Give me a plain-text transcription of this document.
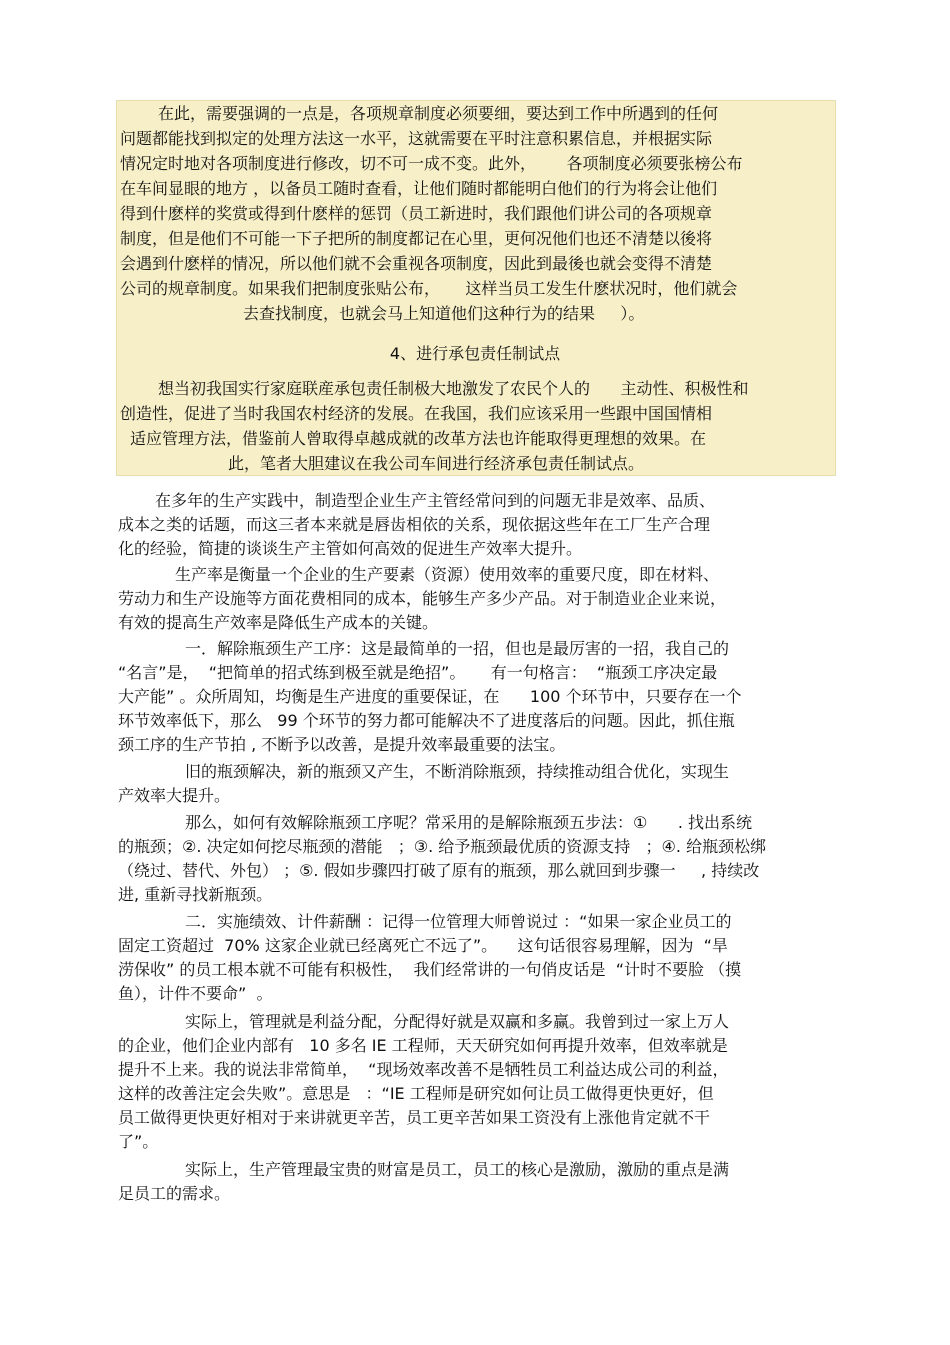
在此，需要强调的一点是，各项规章制度必须要细，要达到工作中所遇到的任何
问题都能找到拟定的处理方法这一水平，这就需要在平时注意积累信息，并根据实际
情况定时地对各项制度进行修改，切不可一成不变。此外，      各项制度必须要张榜公布
在车间显眼的地方 ，以备员工随时查看，让他们随时都能明白他们的行为将会让他们
得到什麽样的奖赏或得到什麽样的惩罚（员工新进时，我们跟他们讲公司的各项规章
制度，但是他们不可能一下子把所的制度都记在心里，更何况他们也还不清楚以後将
会遇到什麽样的情况，所以他们就不会重视各项制度，因此到最後也就会变得不清楚
公司的规章制度。如果我们把制度张贴公布，     这样当员工发生什麽状况时，他们就会
去查找制度，也就会马上知道他们这种行为的结果     ）。
4、进行承包责任制试点
想当初我国实行家庭联産承包责任制极大地激发了农民个人的      主动性、积极性和
创造性，促进了当时我国农村经济的发展。在我国，我们应该采用一些跟中国国情相
适应管理方法，借鉴前人曾取得卓越成就的改革方法也许能取得更理想的效果。在
此，笔者大胆建议在我公司车间进行经济承包责任制试点。
在多年的生产实践中，制造型企业生产主管经常问到的问题无非是效率、品质、
成本之类的话题，而这三者本来就是唇齿相依的关系，现依据这些年在工厂生产合理
化的经验，简捷的谈谈生产主管如何高效的促进生产效率大提升。
生产率是衡量一个企业的生产要素（资源）使用效率的重要尺度，即在材料、
劳动力和生产设施等方面花费相同的成本，能够生产多少产品。对于制造业企业来说，
有效的提高生产效率是降低生产成本的关键。
一．解除瓶颈生产工序：这是最简单的一招，但也是最厉害的一招，我自己的
“名言”是，  “把简单的招式练到极至就是绝招”。     有一句格言：  “瓶颈工序决定最
大产能” 。众所周知，均衡是生产进度的重要保证，在      100 个环节中，只要存在一个
环节效率低下，那么   99 个环节的努力都可能解决不了进度落后的问题。因此，抓住瓶
颈工序的生产节拍 , 不断予以改善，是提升效率最重要的法宝。
旧的瓶颈解决，新的瓶颈又产生，不断消除瓶颈，持续推动组合优化，实现生
产效率大提升。
那么，如何有效解除瓶颈工序呢？常采用的是解除瓶颈五步法：①      . 找出系统
的瓶颈；②. 决定如何挖尽瓶颈的潜能   ；③. 给予瓶颈最优质的资源支持   ；④. 给瓶颈松绑
（绕过、替代、外包） ；⑤. 假如步骤四打破了原有的瓶颈，那么就回到步骤一     , 持续改
进, 重新寻找新瓶颈。
二．实施绩效、计件薪酬 ：记得一位管理大师曾说过 ：“如果一家企业员工的
固定工资超过  70% 这家企业就已经离死亡不远了”。    这句话很容易理解，因为  “旱
涝保收” 的员工根本就不可能有积极性，  我们经常讲的一句俏皮话是  “计时不要脸 （摸
鱼），计件不要命”  。
实际上，管理就是利益分配，分配得好就是双赢和多赢。我曾到过一家上万人
的企业，他们企业内部有   10 多名 IE 工程师，天天研究如何再提升效率，但效率就是
提升不上来。我的说法非常简单，  “现场效率改善不是牺牲员工利益达成公司的利益，
这样的改善注定会失败”。意思是   ：“IE 工程师是研究如何让员工做得更快更好，但
员工做得更快更好相对于来讲就更辛苦，员工更辛苦如果工资没有上涨他肯定就不干
了”。
实际上，生产管理最宝贵的财富是员工，员工的核心是激励，激励的重点是满
足员工的需求。
